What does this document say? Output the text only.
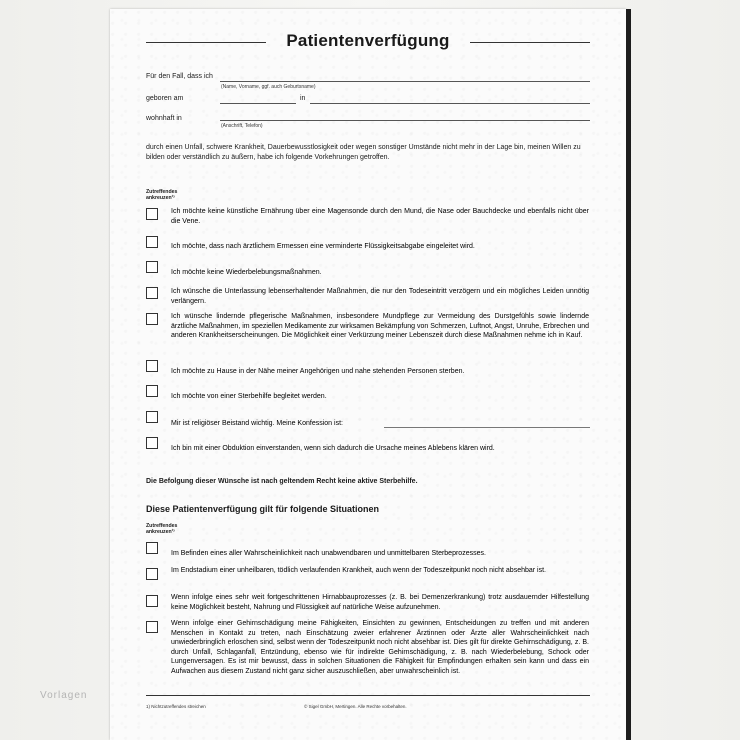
Vorlagen
Patientenverfügung
Für den Fall, dass ich
(Name, Vorname, ggf. auch Geburtsname)
geboren am	in
wohnhaft in
(Anschrift, Telefon)
durch einen Unfall, schwere Krankheit, Dauerbewusstlosigkeit oder wegen sonstiger Umstände nicht mehr in der Lage bin, meinen Willen zu bilden oder verständlich zu äußern, habe ich folgende Vorkehrungen getroffen.
Zutreffendes
ankreuzen¹⁾
Ich möchte keine künstliche Ernährung über eine Magensonde durch den Mund, die Nase oder Bauchdecke und ebenfalls nicht über die Vene.
Ich möchte, dass nach ärztlichem Ermessen eine verminderte Flüssigkeitsabgabe eingeleitet wird.
Ich möchte keine Wiederbelebungsmaßnahmen.
Ich wünsche die Unterlassung lebenserhaltender Maßnahmen, die nur den Todeseintritt verzögern und ein mögliches Leiden unnötig verlängern.
Ich wünsche lindernde pflegerische Maßnahmen, insbesondere Mundpflege zur Vermeidung des Durstgefühls sowie lindernde ärztliche Maßnahmen, im speziellen Medikamente zur wirksamen Bekämpfung von Schmerzen, Luftnot, Angst, Unruhe, Erbrechen und anderen Krankheitserscheinungen. Die Möglichkeit einer Verkürzung meiner Lebenszeit durch diese Maßnahmen nehme ich in Kauf.
Ich möchte zu Hause in der Nähe meiner Angehörigen und nahe stehenden Personen sterben.
Ich möchte von einer Sterbehilfe begleitet werden.
Mir ist religiöser Beistand wichtig. Meine Konfession ist:
Ich bin mit einer Obduktion einverstanden, wenn sich dadurch die Ursache meines Ablebens klären wird.
Die Befolgung dieser Wünsche ist nach geltendem Recht keine aktive Sterbehilfe.
Diese Patientenverfügung gilt für folgende Situationen
Zutreffendes
ankreuzen¹⁾
Im Befinden eines aller Wahrscheinlichkeit nach unabwendbaren und unmittelbaren Sterbeprozesses.
Im Endstadium einer unheilbaren, tödlich verlaufenden Krankheit, auch wenn der Todeszeitpunkt noch nicht absehbar ist.
Wenn infolge eines sehr weit fortgeschrittenen Hirnabbauprozesses (z. B. bei Demenzerkrankung) trotz ausdauernder Hilfestellung keine Möglichkeit besteht, Nahrung und Flüssigkeit auf natürliche Weise aufzunehmen.
Wenn infolge einer Gehirnschädigung meine Fähigkeiten, Einsichten zu gewinnen, Entscheidungen zu treffen und mit anderen Menschen in Kontakt zu treten, nach Einschätzung zweier erfahrener Ärztinnen oder Ärzte aller Wahrscheinlichkeit nach unwiederbringlich erloschen sind, selbst wenn der Todeszeitpunkt noch nicht absehbar ist. Dies gilt für direkte Gehirnschädigung, z. B. durch Unfall, Schlaganfall, Entzündung, ebenso wie für indirekte Gehirnschädigung, z. B. nach Wiederbelebung, Schock oder Lungenversagen. Es ist mir bewusst, dass in solchen Situationen die Fähigkeit für Empfindungen erhalten sein kann und dass ein Aufwachen aus diesem Zustand nicht ganz sicher auszuschließen, aber unwahrscheinlich ist.
1) Nichtzutreffendes streichen	© Sigel GmbH, Mertingen. Alle Rechte vorbehalten.
